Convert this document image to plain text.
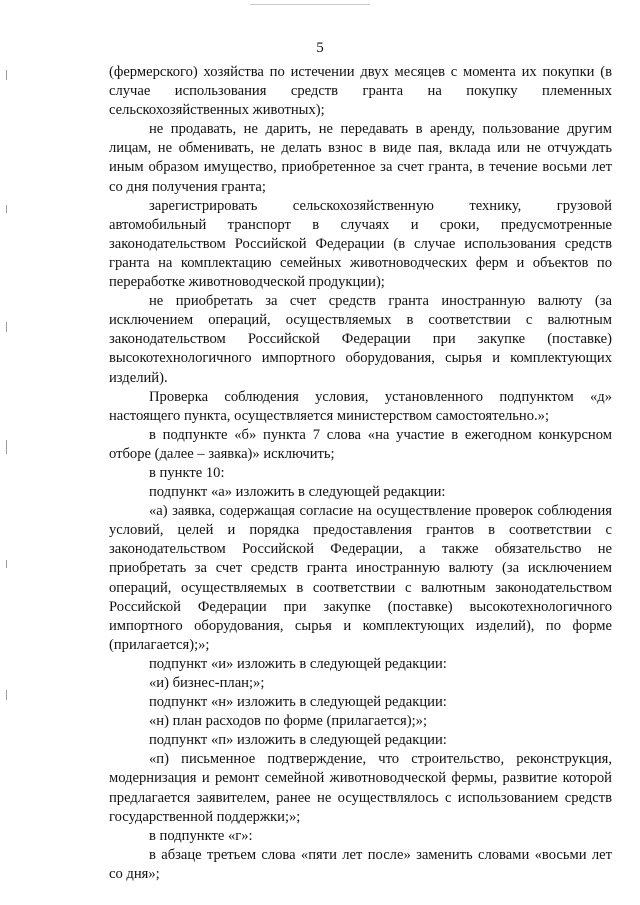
5

(фермерского) хозяйства по истечении двух месяцев с момента их покупки (в случае использования средств гранта на покупку племенных сельскохозяйственных животных);

не продавать, не дарить, не передавать в аренду, пользование другим лицам, не обменивать, не делать взнос в виде пая, вклада или не отчуждать иным образом имущество, приобретенное за счет гранта, в течение восьми лет со дня получения гранта;

зарегистрировать сельскохозяйственную технику, грузовой автомобильный транспорт в случаях и сроки, предусмотренные законодательством Российской Федерации (в случае использования средств гранта на комплектацию семейных животноводческих ферм и объектов по переработке животноводческой продукции);

не приобретать за счет средств гранта иностранную валюту (за исключением операций, осуществляемых в соответствии с валютным законодательством Российской Федерации при закупке (поставке) высокотехнологичного импортного оборудования, сырья и комплектующих изделий).

Проверка соблюдения условия, установленного подпунктом «д» настоящего пункта, осуществляется министерством самостоятельно.»;

в подпункте «б» пункта 7 слова «на участие в ежегодном конкурсном отборе (далее – заявка)» исключить;

в пункте 10:

подпункт «а» изложить в следующей редакции:

«а) заявка, содержащая согласие на осуществление проверок соблюдения условий, целей и порядка предоставления грантов в соответствии с законодательством Российской Федерации, а также обязательство не приобретать за счет средств гранта иностранную валюту (за исключением операций, осуществляемых в соответствии с валютным законодательством Российской Федерации при закупке (поставке) высокотехнологичного импортного оборудования, сырья и комплектующих изделий), по форме (прилагается);»;

подпункт «и» изложить в следующей редакции:

«и) бизнес-план;»;

подпункт «н» изложить в следующей редакции:

«н) план расходов по форме (прилагается);»;

подпункт «п» изложить в следующей редакции:

«п) письменное подтверждение, что строительство, реконструкция, модернизация и ремонт семейной животноводческой фермы, развитие которой предлагается заявителем, ранее не осуществлялось с использованием средств государственной поддержки;»;

в подпункте «г»:

в абзаце третьем слова «пяти лет после» заменить словами «восьми лет со дня»;
